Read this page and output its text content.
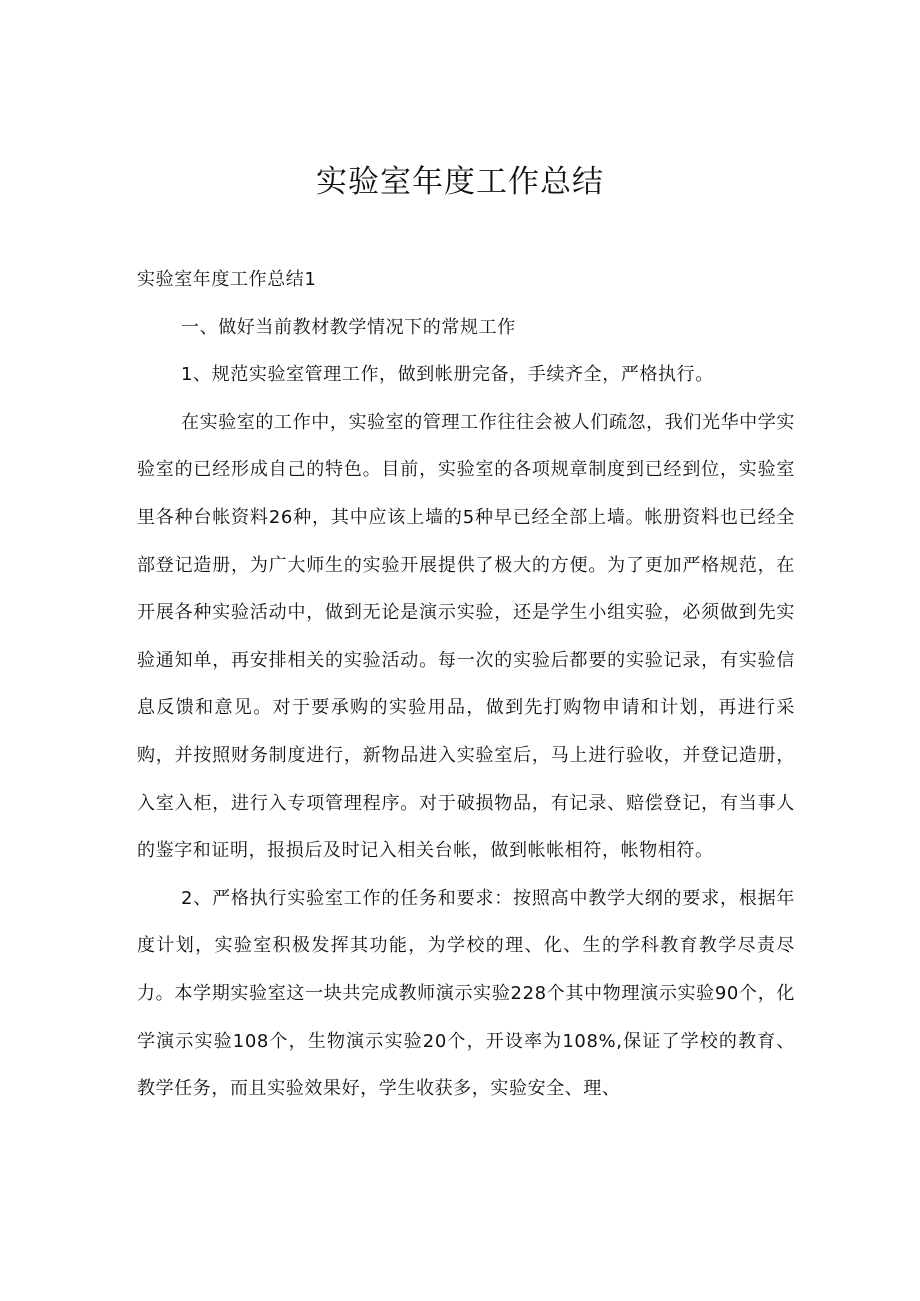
实验室年度工作总结

实验室年度工作总结1

一、做好当前教材教学情况下的常规工作

1、规范实验室管理工作，做到帐册完备，手续齐全，严格执行。

在实验室的工作中，实验室的管理工作往往会被人们疏忽，我们光华中学实验室的已经形成自己的特色。目前，实验室的各项规章制度到已经到位，实验室里各种台帐资料26种，其中应该上墙的5种早已经全部上墙。帐册资料也已经全部登记造册，为广大师生的实验开展提供了极大的方便。为了更加严格规范，在开展各种实验活动中，做到无论是演示实验，还是学生小组实验，必须做到先实验通知单，再安排相关的实验活动。每一次的实验后都要的实验记录，有实验信息反馈和意见。对于要承购的实验用品，做到先打购物申请和计划，再进行采购，并按照财务制度进行，新物品进入实验室后，马上进行验收，并登记造册，入室入柜，进行入专项管理程序。对于破损物品，有记录、赔偿登记，有当事人的鉴字和证明，报损后及时记入相关台帐，做到帐帐相符，帐物相符。

2、严格执行实验室工作的任务和要求：按照高中教学大纲的要求，根据年度计划，实验室积极发挥其功能，为学校的理、化、生的学科教育教学尽责尽力。本学期实验室这一块共完成教师演示实验228个其中物理演示实验90个，化学演示实验108个，生物演示实验20个，开设率为108%,保证了学校的教育、教学任务，而且实验效果好，学生收获多，实验安全、理、
